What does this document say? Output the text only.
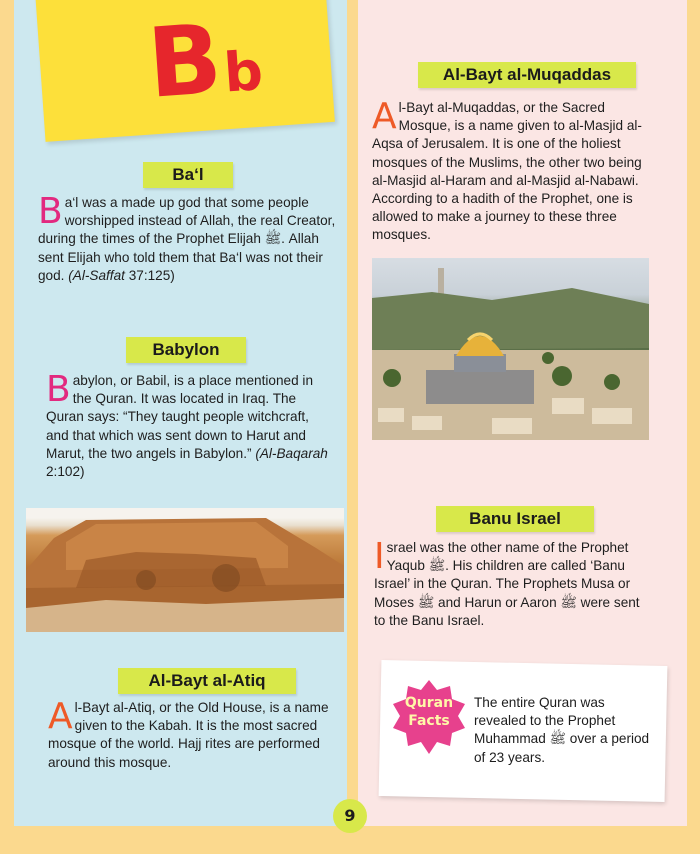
Bb
Ba‘l
Ba‘l was a made up god that some people worshipped instead of Allah, the real Creator, during the times of the Prophet Elijah ﷺ. Allah sent Elijah who told them that Ba‘l was not their god. (Al-Saffat 37:125)
Babylon
Babylon, or Babil, is a place mentioned in the Quran. It was located in Iraq. The Quran says: “They taught people witchcraft, and that which was sent down to Harut and Marut, the two angels in Babylon.” (Al-Baqarah 2:102)
Al-Bayt al-Atiq
Al-Bayt al-Atiq, or the Old House, is a name given to the Kabah. It is the most sacred mosque of the world. Hajj rites are performed around this mosque.
Al-Bayt al-Muqaddas
Al-Bayt al-Muqaddas, or the Sacred Mosque, is a name given to al-Masjid al-Aqsa of Jerusalem. It is one of the holiest mosques of the Muslims, the other two being al-Masjid al-Haram and al-Masjid al-Nabawi. According to a hadith of the Prophet, one is allowed to make a journey to these three mosques.
Banu Israel
Israel was the other name of the Prophet Yaqub ﷺ. His children are called ‘Banu Israel’ in the Quran. The Prophets Musa or Moses ﷺ and Harun or Aaron ﷺ were sent to the Banu Israel.
Quran
Facts
The entire Quran was revealed to the Prophet Muhammad ﷺ over a period of 23 years.
9
